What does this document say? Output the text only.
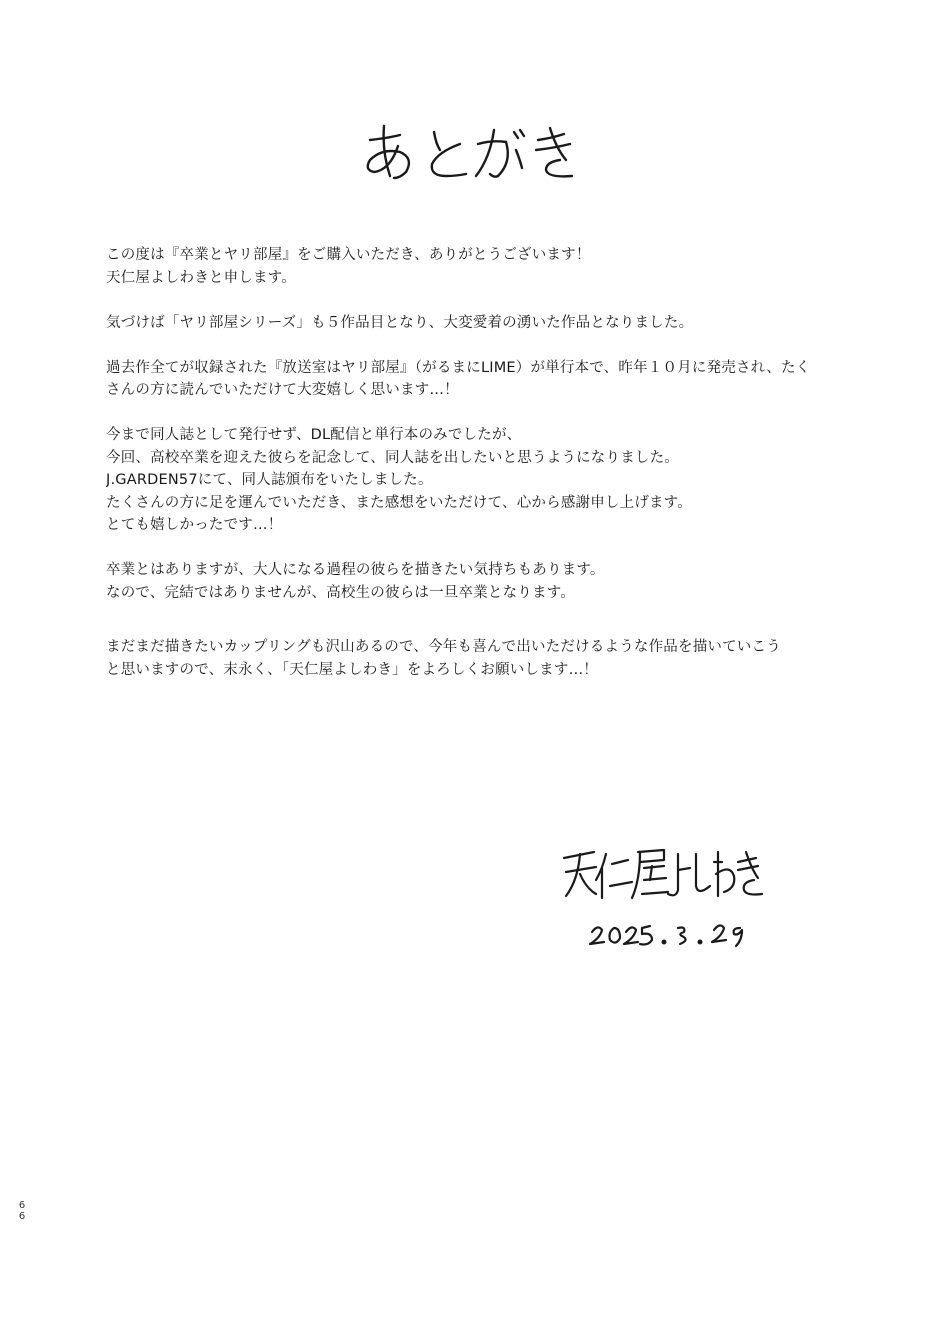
この度は『卒業とヤリ部屋』をご購入いただき、ありがとうございます！
天仁屋よしわきと申します。
気づけば「ヤリ部屋シリーズ」も５作品目となり、大変愛着の湧いた作品となりました。
過去作全てが収録された『放送室はヤリ部屋』（がるまにLIME）が単行本で、昨年１０月に発売され、たく
さんの方に読んでいただけて大変嬉しく思います…！
今まで同人誌として発行せず、DL配信と単行本のみでしたが、
今回、高校卒業を迎えた彼らを記念して、同人誌を出したいと思うようになりました。
J.GARDEN57にて、同人誌頒布をいたしました。
たくさんの方に足を運んでいただき、また感想をいただけて、心から感謝申し上げます。
とても嬉しかったです…！
卒業とはありますが、大人になる過程の彼らを描きたい気持ちもあります。
なので、完結ではありませんが、高校生の彼らは一旦卒業となります。
まだまだ描きたいカップリングも沢山あるので、今年も喜んで出いただけるような作品を描いていこう
と思いますので、末永く、「天仁屋よしわき」をよろしくお願いします…！
6
6
